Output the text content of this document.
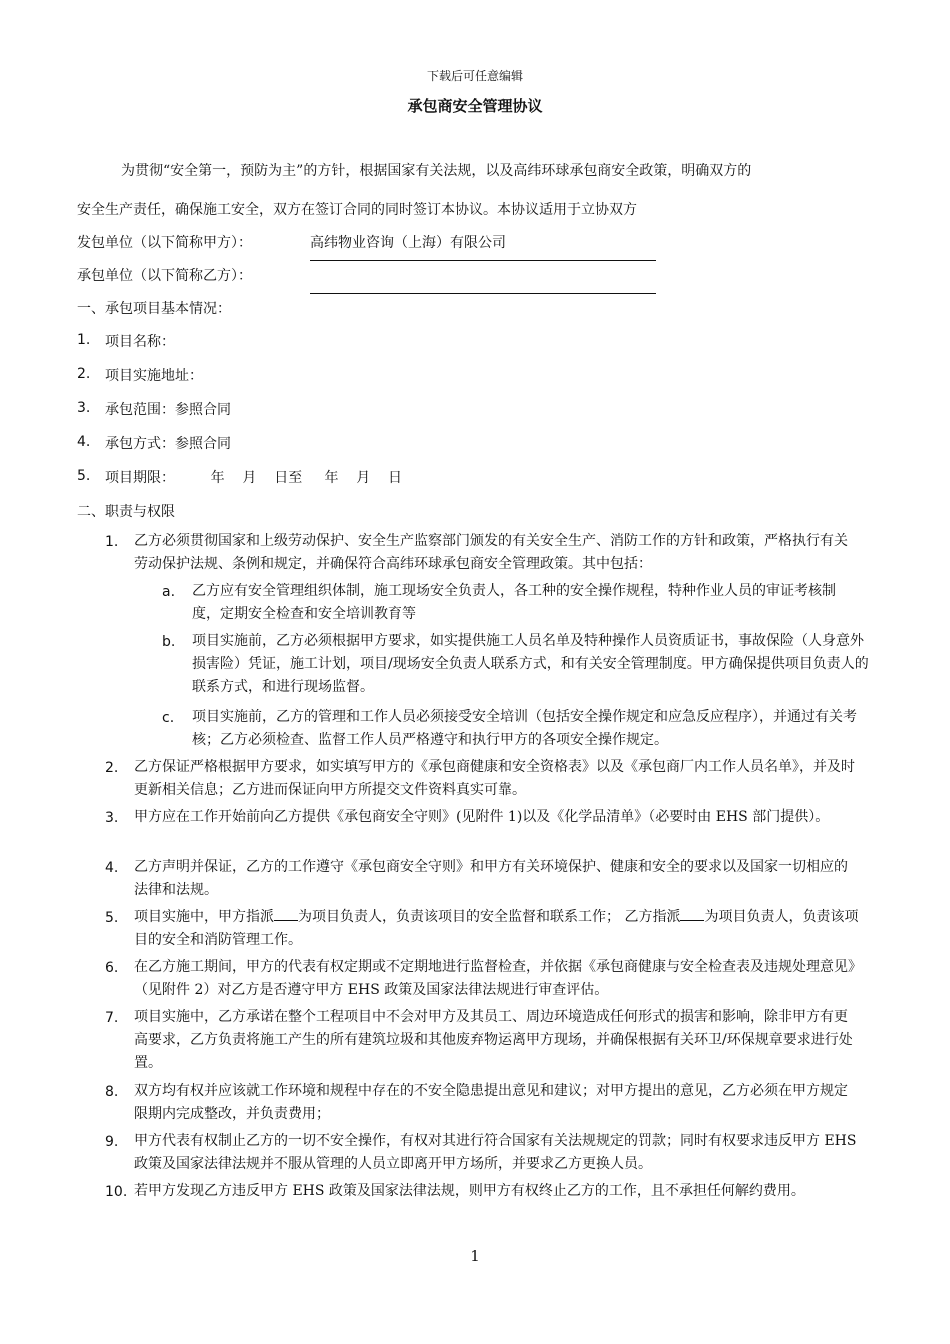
下载后可任意编辑
承包商安全管理协议
为贯彻“安全第一，预防为主”的方针，根据国家有关法规，以及高纬环球承包商安全政策，明确双方的
安全生产责任，确保施工安全，双方在签订合同的同时签订本协议。本协议适用于立协双方
发包单位（以下简称甲方）：	高纬物业咨询（上海）有限公司
承包单位（以下简称乙方）：
一、承包项目基本情况：
1. 项目名称：
2. 项目实施地址：
3. 承包范围：参照合同
4. 承包方式：参照合同
5. 项目期限：        年    月    日至     年    月    日
二、职责与权限
1. 乙方必须贯彻国家和上级劳动保护、安全生产监察部门颁发的有关安全生产、消防工作的方针和政策，严格执行有关劳动保护法规、条例和规定，并确保符合高纬环球承包商安全管理政策。其中包括：
a. 乙方应有安全管理组织体制，施工现场安全负责人，各工种的安全操作规程，特种作业人员的审证考核制度，定期安全检查和安全培训教育等
b. 项目实施前，乙方必须根据甲方要求，如实提供施工人员名单及特种操作人员资质证书，事故保险（人身意外损害险）凭证，施工计划，项目/现场安全负责人联系方式，和有关安全管理制度。甲方确保提供项目负责人的联系方式，和进行现场监督。
c. 项目实施前，乙方的管理和工作人员必须接受安全培训（包括安全操作规定和应急反应程序），并通过有关考核；乙方必须检查、监督工作人员严格遵守和执行甲方的各项安全操作规定。
2. 乙方保证严格根据甲方要求，如实填写甲方的《承包商健康和安全资格表》以及《承包商厂内工作人员名单》，并及时更新相关信息；乙方进而保证向甲方所提交文件资料真实可靠。
3. 甲方应在工作开始前向乙方提供《承包商安全守则》(见附件 1)以及《化学品清单》（必要时由 EHS 部门提供）。
4. 乙方声明并保证，乙方的工作遵守《承包商安全守则》和甲方有关环境保护、健康和安全的要求以及国家一切相应的法律和法规。
5. 项目实施中，甲方指派 为项目负责人，负责该项目的安全监督和联系工作； 乙方指派 为项目负责人，负责该项目的安全和消防管理工作。
6. 在乙方施工期间，甲方的代表有权定期或不定期地进行监督检查，并依据《承包商健康与安全检查表及违规处理意见》（见附件 2）对乙方是否遵守甲方 EHS 政策及国家法律法规进行审查评估。
7. 项目实施中，乙方承诺在整个工程项目中不会对甲方及其员工、周边环境造成任何形式的损害和影响，除非甲方有更高要求，乙方负责将施工产生的所有建筑垃圾和其他废弃物运离甲方现场，并确保根据有关环卫/环保规章要求进行处置。
8. 双方均有权并应该就工作环境和规程中存在的不安全隐患提出意见和建议；对甲方提出的意见，乙方必须在甲方规定限期内完成整改，并负责费用；
9. 甲方代表有权制止乙方的一切不安全操作，有权对其进行符合国家有关法规规定的罚款；同时有权要求违反甲方 EHS 政策及国家法律法规并不服从管理的人员立即离开甲方场所，并要求乙方更换人员。
10. 若甲方发现乙方违反甲方 EHS 政策及国家法律法规，则甲方有权终止乙方的工作，且不承担任何解约费用。
1
